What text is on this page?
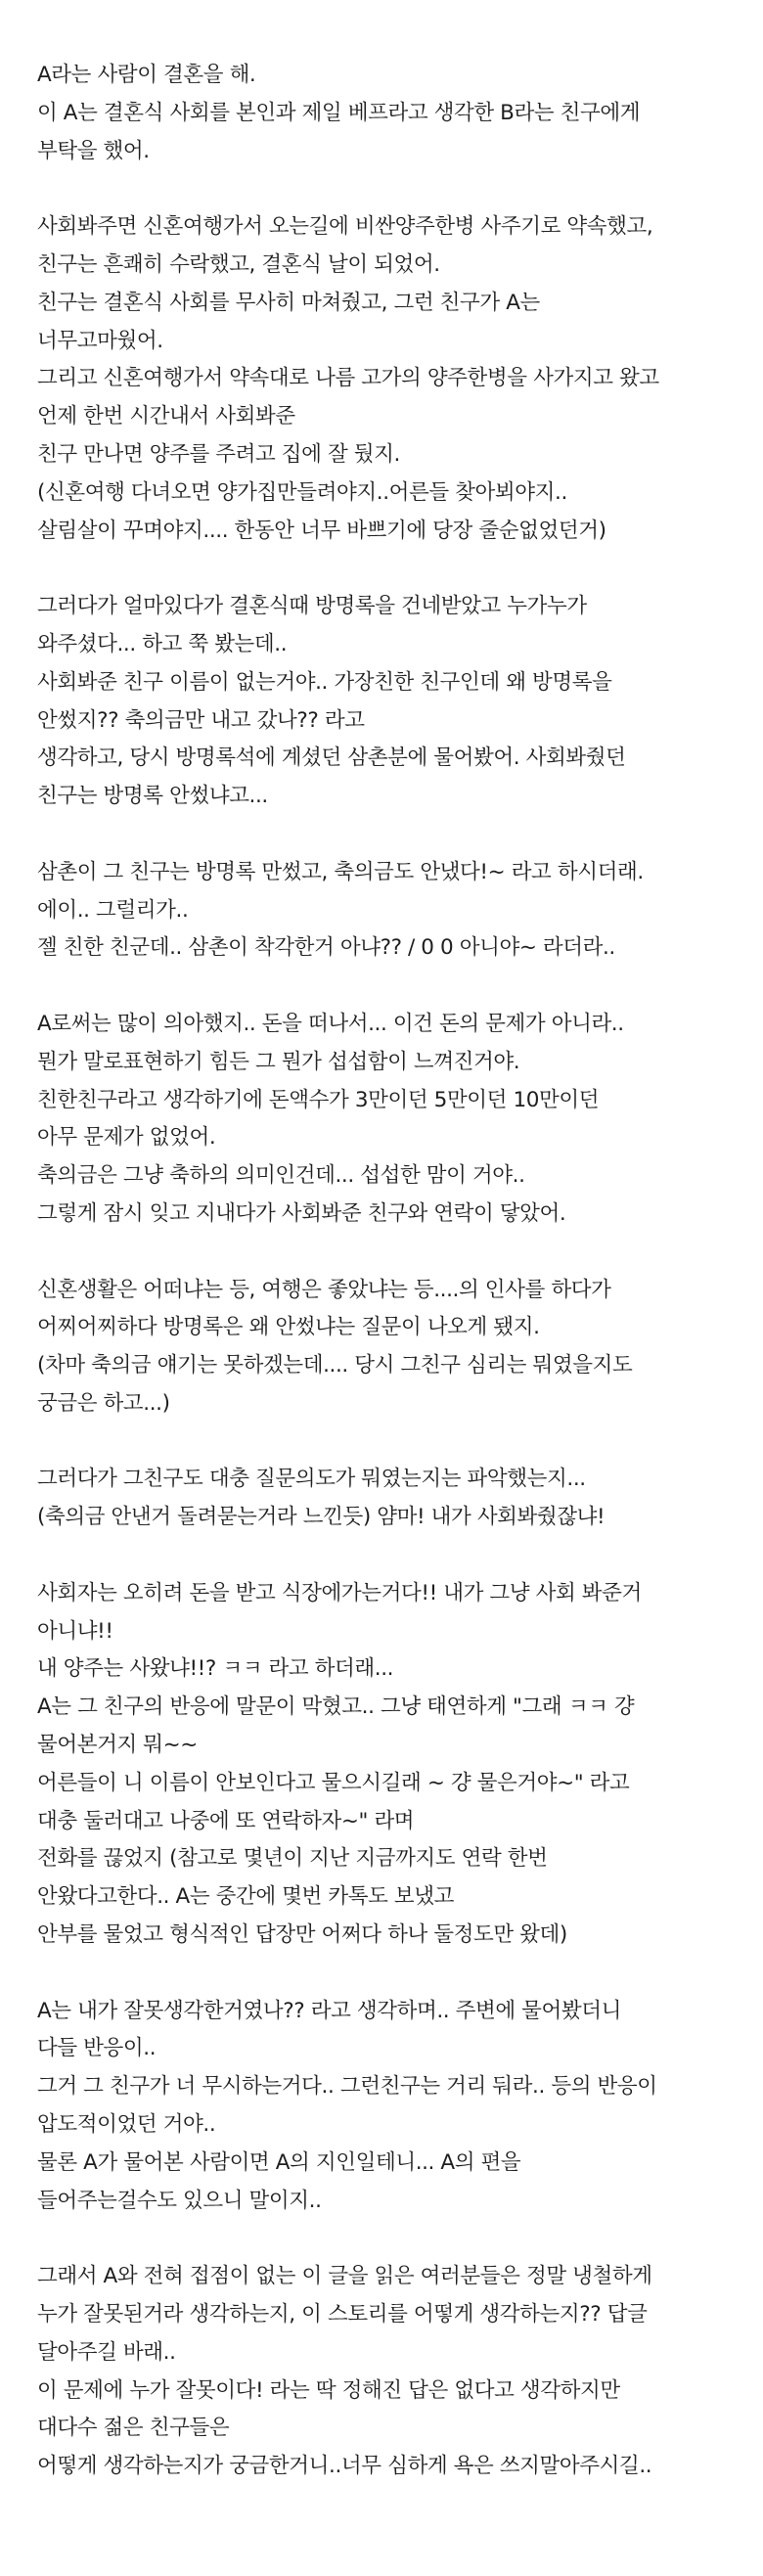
A라는 사람이 결혼을 해.
이 A는 결혼식 사회를 본인과 제일 베프라고 생각한 B라는 친구에게
부탁을 했어.
사회봐주면 신혼여행가서 오는길에 비싼양주한병 사주기로 약속했고,
친구는 흔쾌히 수락했고, 결혼식 날이 되었어.
친구는 결혼식 사회를 무사히 마쳐줬고, 그런 친구가 A는
너무고마웠어.
그리고 신혼여행가서 약속대로 나름 고가의 양주한병을 사가지고 왔고
언제 한번 시간내서 사회봐준
친구 만나면 양주를 주려고 집에 잘 뒀지.
(신혼여행 다녀오면 양가집만들려야지..어른들 찾아뵈야지..
살림살이 꾸며야지.... 한동안 너무 바쁘기에 당장 줄순없었던거)
그러다가 얼마있다가 결혼식때 방명록을 건네받았고 누가누가
와주셨다... 하고 쭉 봤는데..
사회봐준 친구 이름이 없는거야.. 가장친한 친구인데 왜 방명록을
안썼지?? 축의금만 내고 갔나?? 라고
생각하고, 당시 방명록석에 계셨던 삼촌분에 물어봤어. 사회봐줬던
친구는 방명록 안썼냐고...
삼촌이 그 친구는 방명록 만썼고, 축의금도 안냈다!~ 라고 하시더래.
에이.. 그럴리가..
젤 친한 친군데.. 삼촌이 착각한거 아냐?? / 0 0 아니야~ 라더라..
A로써는 많이 의아했지.. 돈을 떠나서... 이건 돈의 문제가 아니라..
뭔가 말로표현하기 힘든 그 뭔가 섭섭함이 느껴진거야.
친한친구라고 생각하기에 돈액수가 3만이던 5만이던 10만이던
아무 문제가 없었어.
축의금은 그냥 축하의 의미인건데... 섭섭한 맘이 거야..
그렇게 잠시 잊고 지내다가 사회봐준 친구와 연락이 닿았어.
신혼생활은 어떠냐는 등, 여행은 좋았냐는 등....의 인사를 하다가
어찌어찌하다 방명록은 왜 안썼냐는 질문이 나오게 됐지.
(차마 축의금 얘기는 못하겠는데.... 당시 그친구 심리는 뭐였을지도
궁금은 하고...)
그러다가 그친구도 대충 질문의도가 뭐였는지는 파악했는지...
(축의금 안낸거 돌려묻는거라 느낀듯) 얌마! 내가 사회봐줬잖냐!
사회자는 오히려 돈을 받고 식장에가는거다!! 내가 그냥 사회 봐준거
아니냐!!
내 양주는 사왔냐!!? ㅋㅋ 라고 하더래...
A는 그 친구의 반응에 말문이 막혔고.. 그냥 태연하게 "그래 ㅋㅋ 걍
물어본거지 뭐~~
어른들이 니 이름이 안보인다고 물으시길래 ~ 걍 물은거야~" 라고
대충 둘러대고 나중에 또 연락하자~" 라며
전화를 끊었지 (참고로 몇년이 지난 지금까지도 연락 한번
안왔다고한다.. A는 중간에 몇번 카톡도 보냈고
안부를 물었고 형식적인 답장만 어쩌다 하나 둘정도만 왔데)
A는 내가 잘못생각한거였나?? 라고 생각하며.. 주변에 물어봤더니
다들 반응이..
그거 그 친구가 너 무시하는거다.. 그런친구는 거리 둬라.. 등의 반응이
압도적이었던 거야..
물론 A가 물어본 사람이면 A의 지인일테니... A의 편을
들어주는걸수도 있으니 말이지..
그래서 A와 전혀 접점이 없는 이 글을 읽은 여러분들은 정말 냉철하게
누가 잘못된거라 생각하는지, 이 스토리를 어떻게 생각하는지?? 답글
달아주길 바래..
이 문제에 누가 잘못이다! 라는 딱 정해진 답은 없다고 생각하지만
대다수 젊은 친구들은
어떻게 생각하는지가 궁금한거니..너무 심하게 욕은 쓰지말아주시길..
